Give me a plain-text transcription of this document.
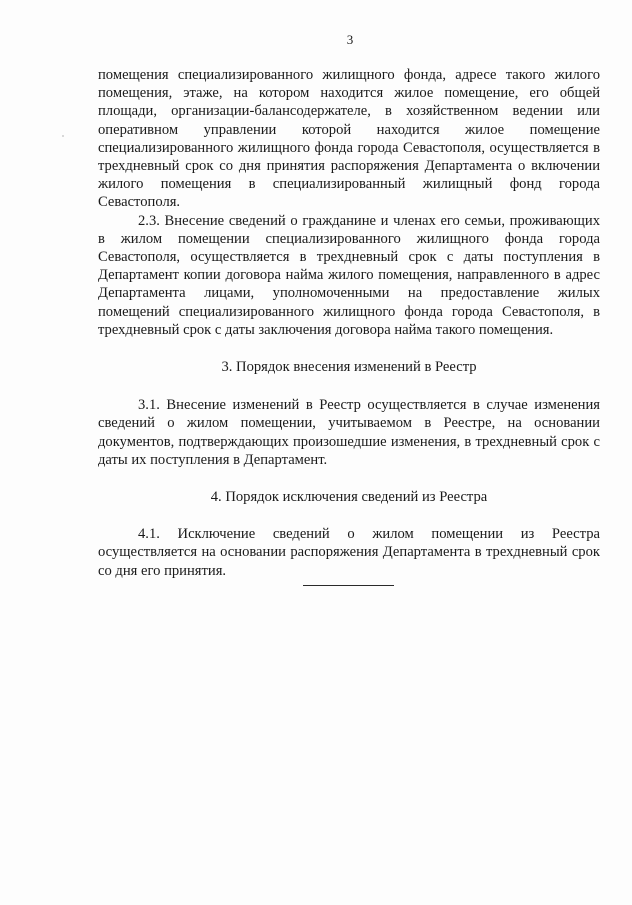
3

помещения специализированного жилищного фонда, адресе такого жилого помещения, этаже, на котором находится жилое помещение, его общей площади, организации-балансодержателе, в хозяйственном ведении или оперативном управлении которой находится жилое помещение специализированного жилищного фонда города Севастополя, осуществляется в трехдневный срок со дня принятия распоряжения Департамента о включении жилого помещения в специализированный жилищный фонд города Севастополя.

2.3. Внесение сведений о гражданине и членах его семьи, проживающих в жилом помещении специализированного жилищного фонда города Севастополя, осуществляется в трехдневный срок с даты поступления в Департамент копии договора найма жилого помещения, направленного в адрес Департамента лицами, уполномоченными на предоставление жилых помещений специализированного жилищного фонда города Севастополя, в трехдневный срок с даты заключения договора найма такого помещения.

3. Порядок внесения изменений в Реестр

3.1. Внесение изменений в Реестр осуществляется в случае изменения сведений о жилом помещении, учитываемом в Реестре, на основании документов, подтверждающих произошедшие изменения, в трехдневный срок с даты их поступления в Департамент.

4. Порядок исключения сведений из Реестра

4.1. Исключение сведений о жилом помещении из Реестра осуществляется на основании распоряжения Департамента в трехдневный срок со дня его принятия.
